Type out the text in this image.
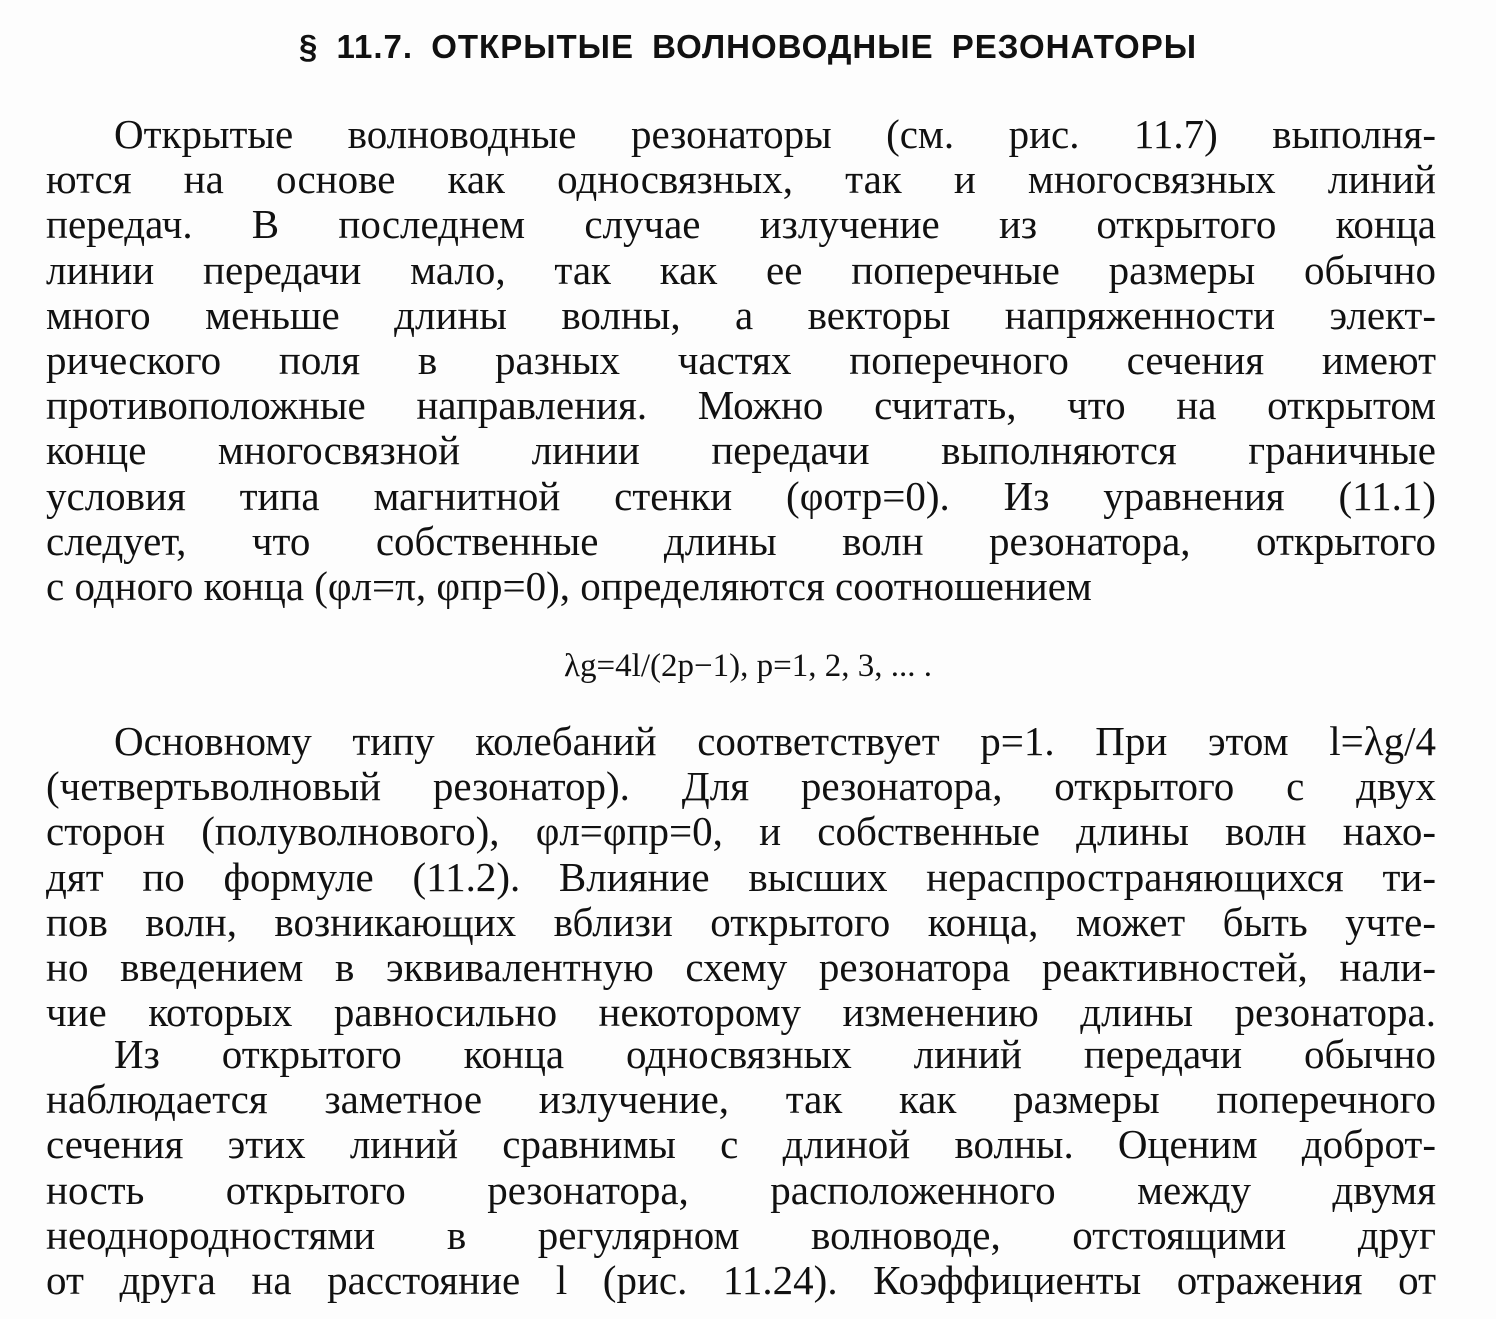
§ 11.7. ОТКРЫТЫЕ ВОЛНОВОДНЫЕ РЕЗОНАТОРЫ
Открытые волноводные резонаторы (см. рис. 11.7) выполня-
ются на основе как односвязных, так и многосвязных линий
передач. В последнем случае излучение из открытого конца
линии передачи мало, так как ее поперечные размеры обычно
много меньше длины волны, а векторы напряженности элект-
рического поля в разных частях поперечного сечения имеют
противоположные направления. Можно считать, что на открытом
конце многосвязной линии передачи выполняются граничные
условия типа магнитной стенки (φотр=0). Из уравнения (11.1)
следует, что собственные длины волн резонатора, открытого
с одного конца (φл=π, φпр=0), определяются соотношением
λg=4l/(2p−1), p=1, 2, 3, ... .
Основному типу колебаний соответствует p=1. При этом l=λg/4
(четвертьволновый резонатор). Для резонатора, открытого с двух
сторон (полуволнового), φл=φпр=0, и собственные длины волн нахо-
дят по формуле (11.2). Влияние высших нераспространяющихся ти-
пов волн, возникающих вблизи открытого конца, может быть учте-
но введением в эквивалентную схему резонатора реактивностей, нали-
чие которых равносильно некоторому изменению длины резонатора.
Из открытого конца односвязных линий передачи обычно
наблюдается заметное излучение, так как размеры поперечного
сечения этих линий сравнимы с длиной волны. Оценим доброт-
ность открытого резонатора, расположенного между двумя
неоднородностями в регулярном волноводе, отстоящими друг
от друга на расстояние l (рис. 11.24). Коэффициенты отражения от
